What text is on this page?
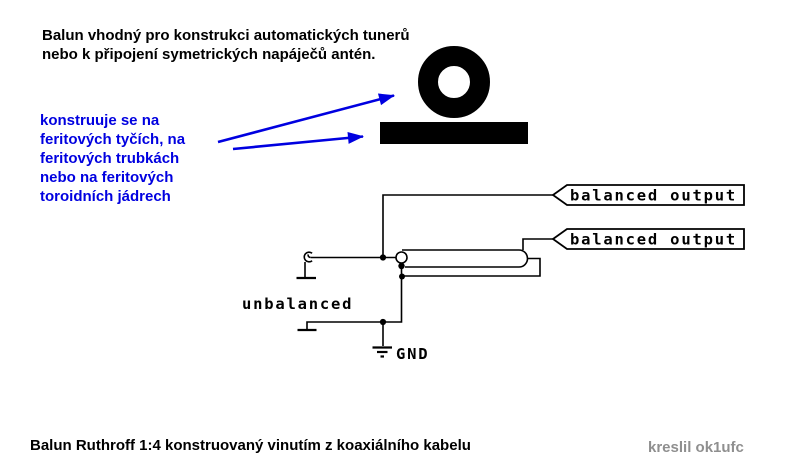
Balun vhodný pro konstrukci automatických tunerů
nebo k připojení symetrických napáječů antén.
konstruuje se na
feritových tyčích, na
feritových trubkách
nebo na feritových
toroidních jádrech	balanced output
balanced output
unbalanced
GND
Balun Ruthroff 1:4 konstruovaný vinutím z koaxiálního kabelu	kreslil ok1ufc
